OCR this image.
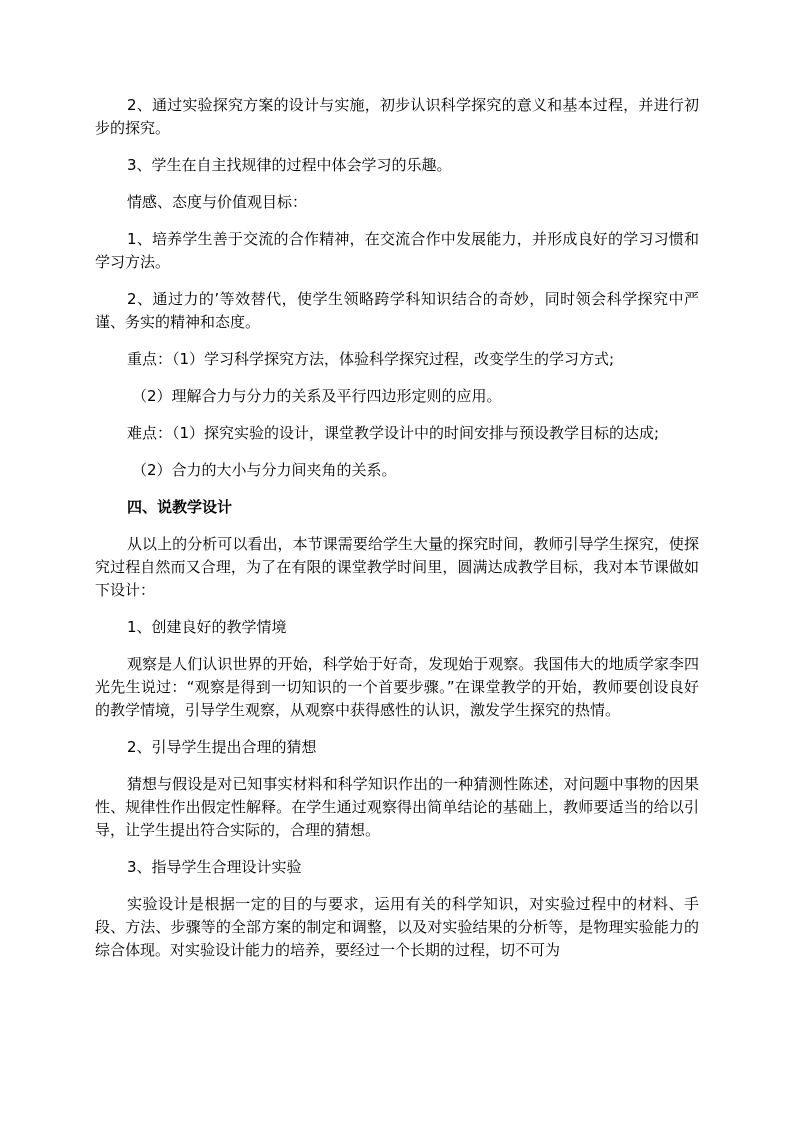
2、通过实验探究方案的设计与实施，初步认识科学探究的意义和基本过程，并进行初步的探究。

3、学生在自主找规律的过程中体会学习的乐趣。

情感、态度与价值观目标：

1、培养学生善于交流的合作精神，在交流合作中发展能力，并形成良好的学习习惯和学习方法。

2、通过力的’等效替代，使学生领略跨学科知识结合的奇妙，同时领会科学探究中严谨、务实的精神和态度。

重点：（1）学习科学探究方法，体验科学探究过程，改变学生的学习方式;

（2）理解合力与分力的关系及平行四边形定则的应用。

难点：（1）探究实验的设计，课堂教学设计中的时间安排与预设教学目标的达成;

（2）合力的大小与分力间夹角的关系。

四、说教学设计

从以上的分析可以看出，本节课需要给学生大量的探究时间，教师引导学生探究，使探究过程自然而又合理，为了在有限的课堂教学时间里，圆满达成教学目标，我对本节课做如下设计：

1、创建良好的教学情境

观察是人们认识世界的开始，科学始于好奇，发现始于观察。我国伟大的地质学家李四光先生说过：“观察是得到一切知识的一个首要步骤。”在课堂教学的开始，教师要创设良好的教学情境，引导学生观察，从观察中获得感性的认识，激发学生探究的热情。

2、引导学生提出合理的猜想

猜想与假设是对已知事实材料和科学知识作出的一种猜测性陈述，对问题中事物的因果性、规律性作出假定性解释。在学生通过观察得出简单结论的基础上，教师要适当的给以引导，让学生提出符合实际的，合理的猜想。

3、指导学生合理设计实验

实验设计是根据一定的目的与要求，运用有关的科学知识，对实验过程中的材料、手段、方法、步骤等的全部方案的制定和调整，以及对实验结果的分析等，是物理实验能力的综合体现。对实验设计能力的培养，要经过一个长期的过程，切不可为
